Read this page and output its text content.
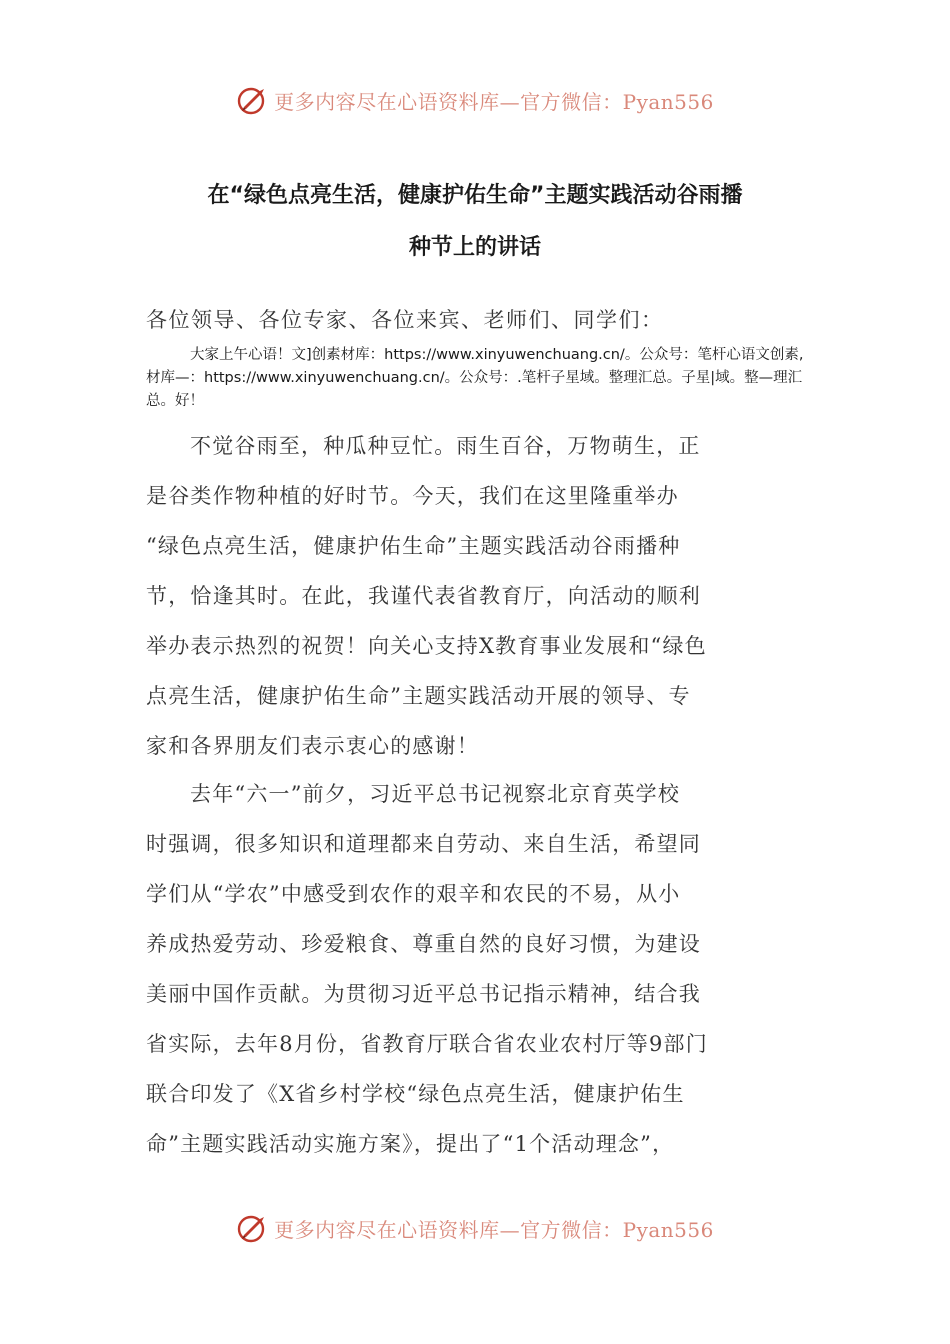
更多内容尽在心语资料库—官方微信：Pyan556
在“绿色点亮生活，健康护佑生命”主题实践活动谷雨播
种节上的讲话
各位领导、各位专家、各位来宾、老师们、同学们：
大家上午心语！文]创素材库：https://www.xinyuwenchuang.cn/。公众号：笔杆心语文创素,材库—：https://www.xinyuwenchuang.cn/。公众号：.笔杆子星域。整理汇总。子星|域。整—理汇总。好！
不觉谷雨至，种瓜种豆忙。雨生百谷，万物萌生，正
是谷类作物种植的好时节。今天，我们在这里隆重举办
“绿色点亮生活，健康护佑生命”主题实践活动谷雨播种
节，恰逢其时。在此，我谨代表省教育厅，向活动的顺利
举办表示热烈的祝贺！向关心支持X教育事业发展和“绿色
点亮生活，健康护佑生命”主题实践活动开展的领导、专
家和各界朋友们表示衷心的感谢！
去年“六一”前夕，习近平总书记视察北京育英学校
时强调，很多知识和道理都来自劳动、来自生活，希望同
学们从“学农”中感受到农作的艰辛和农民的不易，从小
养成热爱劳动、珍爱粮食、尊重自然的良好习惯，为建设
美丽中国作贡献。为贯彻习近平总书记指示精神，结合我
省实际，去年8月份，省教育厅联合省农业农村厅等9部门
联合印发了《X省乡村学校“绿色点亮生活，健康护佑生
命”主题实践活动实施方案》，提出了“1个活动理念”，
更多内容尽在心语资料库—官方微信：Pyan556
